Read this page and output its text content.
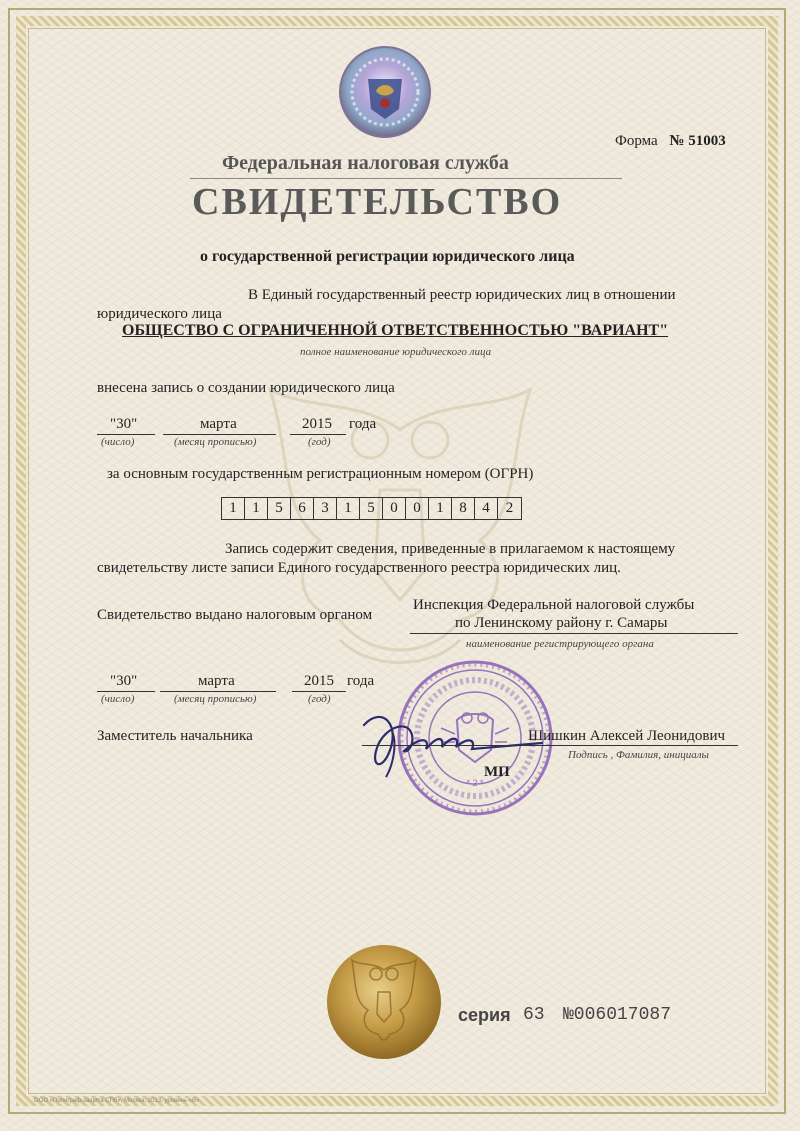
Форма № 51003
Федеральная налоговая служба
СВИДЕТЕЛЬСТВО
о государственной регистрации юридического лица
В Единый государственный реестр юридических лиц в отношении
юридического лица
ОБЩЕСТВО С ОГРАНИЧЕННОЙ ОТВЕТСТВЕННОСТЬЮ "ВАРИАНТ"
полное наименование юридического лица
внесена запись о создании юридического лица
"30"	марта	2015 года
(число)	(месяц прописью)	(год)
за основным государственным регистрационным номером (ОГРН)
1	1	5	6	3	1	5	0	0	1	8	4	2
Запись содержит сведения, приведенные в прилагаемом к настоящему
свидетельству листе записи Единого государственного реестра юридических лиц.
Свидетельство выдано налоговым органом
Инспекция Федеральной налоговой службы
по Ленинскому району г. Самары
наименование регистрирующего органа
"30"	марта	2015 года
(число)	(месяц прописью)	(год)
* 2 *
Заместитель начальника	Шишкин Алексей Леонидович
Подпись , Фамилия, инициалы
МП
серия 63 №006017087
ООО «Полиграф-защита СПб», Москва, 2013, уровень «В»
